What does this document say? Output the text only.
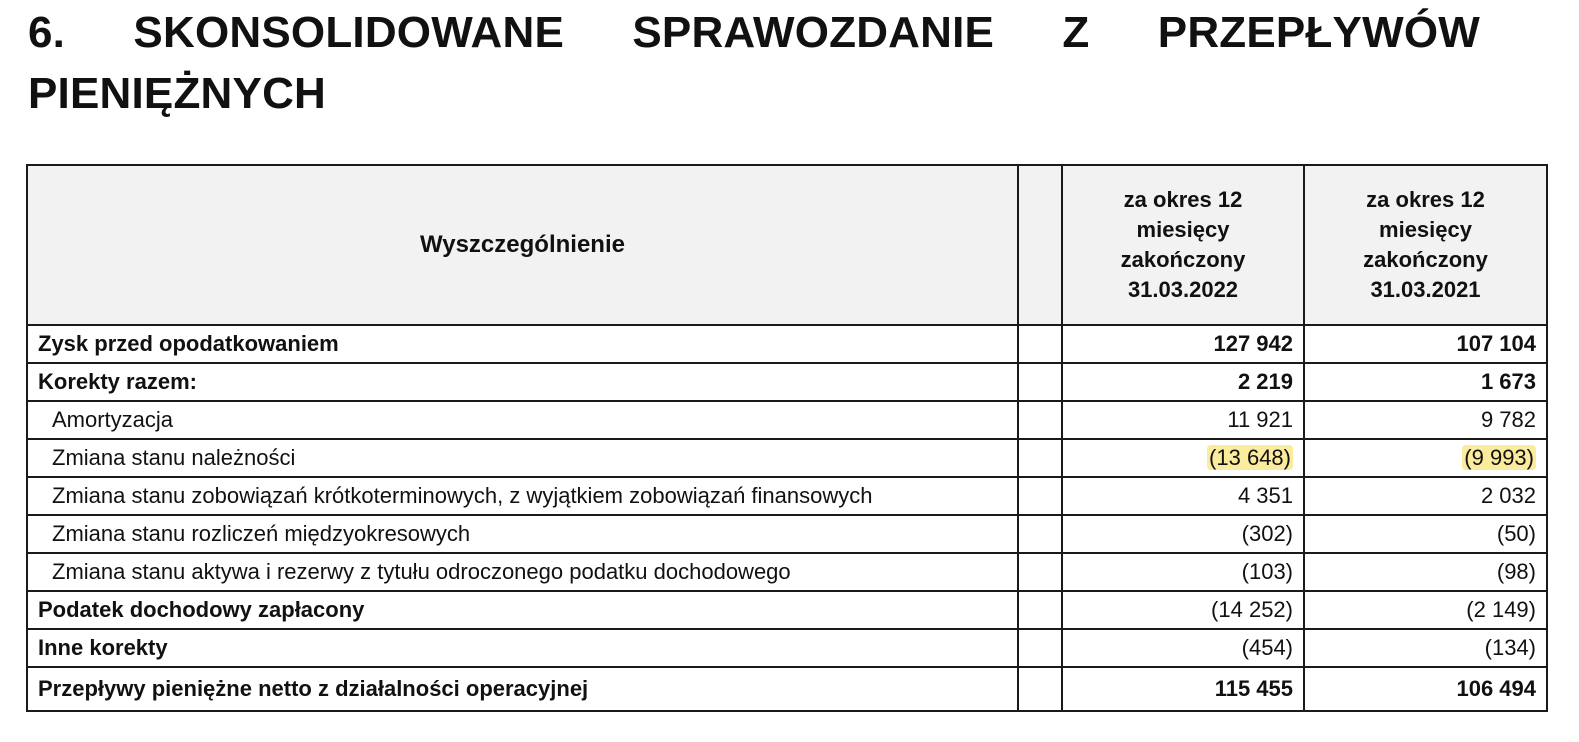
6. SKONSOLIDOWANE SPRAWOZDANIE Z PRZEPŁYWÓW PIENIĘŻNYCH
Wyszczególnienie		za okres 12
miesięcy
zakończony
31.03.2022	za okres 12
miesięcy
zakończony
31.03.2021

Zysk przed opodatkowaniem		127 942	107 104
Korekty razem:		2 219	1 673
Amortyzacja		11 921	9 782
Zmiana stanu należności		(13 648)	(9 993)
Zmiana stanu zobowiązań krótkoterminowych, z wyjątkiem zobowiązań finansowych		4 351	2 032
Zmiana stanu rozliczeń międzyokresowych		(302)	(50)
Zmiana stanu aktywa i rezerwy z tytułu odroczonego podatku dochodowego		(103)	(98)
Podatek dochodowy zapłacony		(14 252)	(2 149)
Inne korekty		(454)	(134)
Przepływy pieniężne netto z działalności operacyjnej		115 455	106 494
